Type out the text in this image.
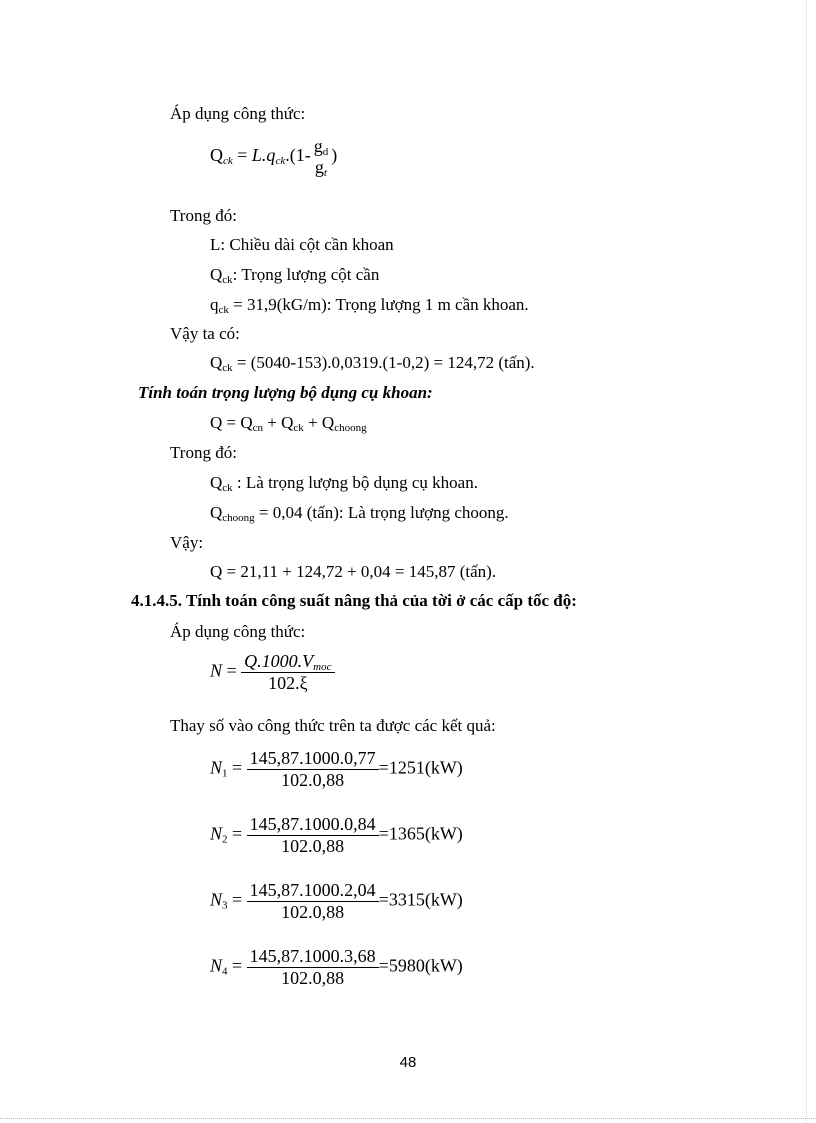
Áp dụng công thức:
$Q_{ck} = L.q_{ck}.(1-$ $g_d$
$g_t$
)
Trong đó:
L: Chiều dài cột cần khoan
$Q_{ck}$: Trọng lượng cột cần
$q_{ck} = 31,9(kG/m)$: Trọng lượng 1 m cần khoan.
Vậy ta có:
$Q_{ck} = (5040-153).0,0319.(1-0,2) = 124,72$ (tấn).
Tính toán trọng lượng bộ dụng cụ khoan:
$Q = Q_{cn} + Q_{ck} + Q_{choong}$
Trong đó:
$Q_{ck}$ : Là trọng lượng bộ dụng cụ khoan.
$Q_{choong} = 0,04$ (tấn): Là trọng lượng choong.
Vậy:
Q = 21,11 + 124,72 + 0,04 = 145,87 (tấn).
4.1.4.5. Tính toán công suất nâng thả của tời ở các cấp tốc độ:
Áp dụng công thức:
$N = Q.1000.V_{moc}$
102.ξ
Thay số vào công thức trên ta được các kết quả:
$N_1 = \frac{145,87.1000.0,77}{102.0,88} =1251(kW)$
$N_2 = \frac{145,87.1000.0,84}{102.0,88} =1365(kW)$
$N_3 = \frac{145,87.1000.2,04}{102.0,88} =3315(kW)$
$N_4 = \frac{145,87.1000.3,68}{102.0,88} =5980(kW)$
48
